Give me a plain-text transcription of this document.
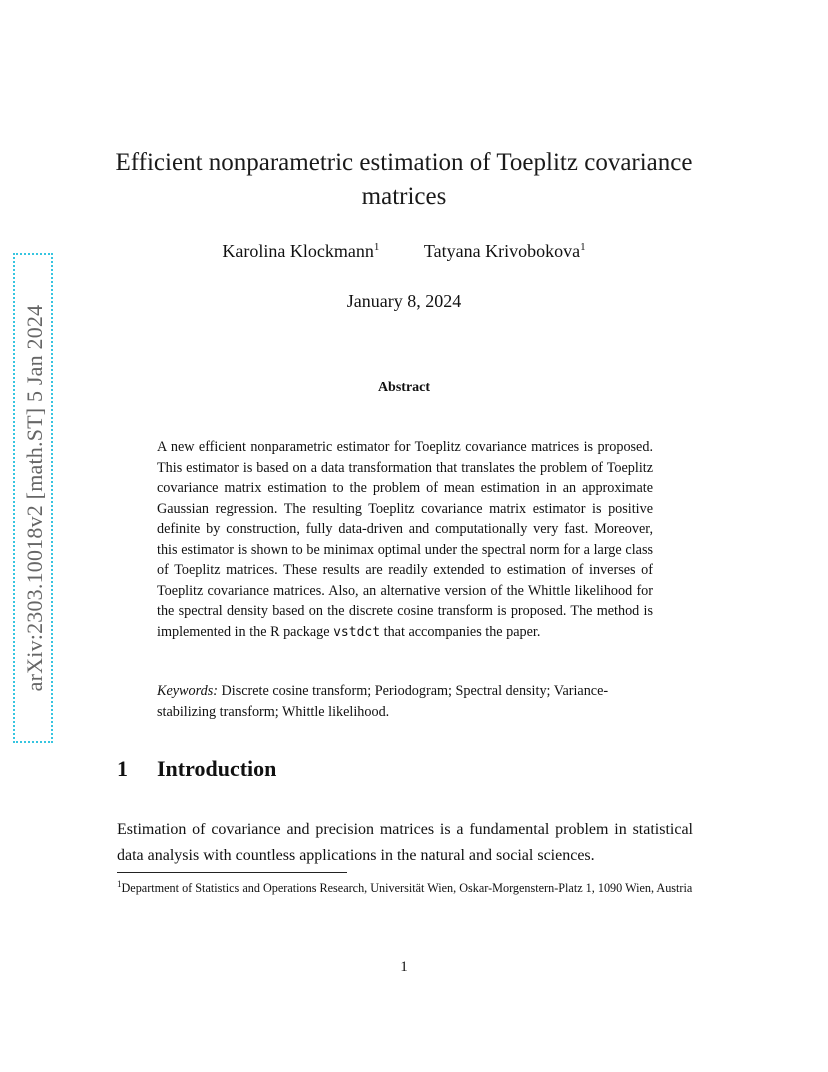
arXiv:2303.10018v2 [math.ST] 5 Jan 2024
Efficient nonparametric estimation of Toeplitz covariance matrices
Karolina Klockmann$^1$ Tatyana Krivobokova$^1$
January 8, 2024
Abstract
A new efficient nonparametric estimator for Toeplitz covariance matrices is proposed. This estimator is based on a data transformation that translates the problem of Toeplitz covariance matrix estimation to the problem of mean estimation in an approximate Gaussian regression. The resulting Toeplitz covariance matrix estimator is positive definite by construction, fully data-driven and computationally very fast. Moreover, this estimator is shown to be minimax optimal under the spectral norm for a large class of Toeplitz matrices. These results are readily extended to estimation of inverses of Toeplitz covariance matrices. Also, an alternative version of the Whittle likelihood for the spectral density based on the discrete cosine transform is proposed. The method is implemented in the R package vstdct that accompanies the paper.
Keywords: Discrete cosine transform; Periodogram; Spectral density; Variance-stabilizing transform; Whittle likelihood.
1 Introduction
Estimation of covariance and precision matrices is a fundamental problem in statistical data analysis with countless applications in the natural and social sciences.
$^1$Department of Statistics and Operations Research, Universität Wien, Oskar-Morgenstern-Platz 1, 1090 Wien, Austria
1
